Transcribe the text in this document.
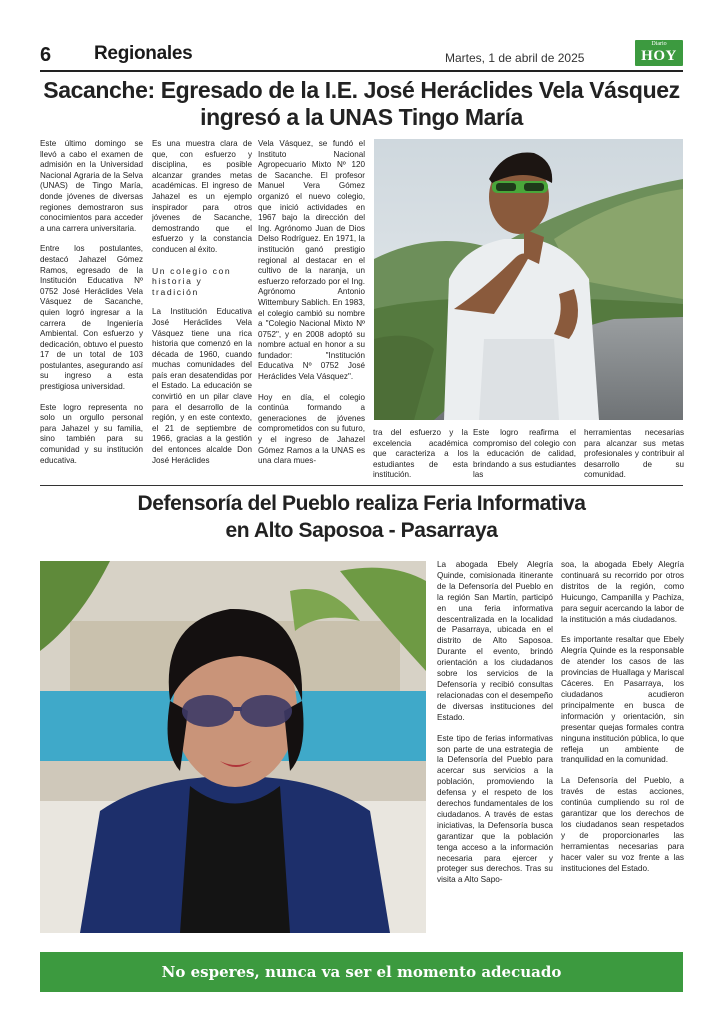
6 Regionales	Martes, 1 de abril de 2025
Diario
HOY
Sacanche: Egresado de la I.E. José Heráclides Vela Vásquez
ingresó a la UNAS Tingo María

Este último domingo se llevó a cabo el examen de admisión en la Universidad Nacional Agraria de la Selva (UNAS) de Tingo María, donde jóvenes de diversas regiones demostraron sus conocimientos para acceder a una carrera universitaria.

Entre los postulantes, destacó Jahazel Gómez Ramos, egresado de la Institución Educativa Nº 0752 José Heráclides Vela Vásquez de Sacanche, quien logró ingresar a la carrera de Ingeniería Ambiental. Con esfuerzo y dedicación, obtuvo el puesto 17 de un total de 103 postulantes, asegurando así su ingreso a esta prestigiosa universidad.

Este logro representa no solo un orgullo personal para Jahazel y su familia, sino también para su comunidad y su institución educativa.

Es una muestra clara de que, con esfuerzo y disciplina, es posible alcanzar grandes metas académicas. El ingreso de Jahazel es un ejemplo inspirador para otros jóvenes de Sacanche, demostrando que el esfuerzo y la constancia conducen al éxito.

Un colegio con historia y tradición

La Institución Educativa José Heráclides Vela Vásquez tiene una rica historia que comenzó en la década de 1960, cuando muchas comunidades del país eran desatendidas por el Estado. La educación se convirtió en un pilar clave para el desarrollo de la región, y en este contexto, el 21 de septiembre de 1966, gracias a la gestión del entonces alcalde Don José Heráclides

Vela Vásquez, se fundó el Instituto Nacional Agropecuario Mixto Nº 120 de Sacanche. El profesor Manuel Vera Gómez organizó el nuevo colegio, que inició actividades en 1967 bajo la dirección del Ing. Agrónomo Juan de Dios Delso Rodríguez. En 1971, la institución ganó prestigio regional al destacar en el cultivo de la naranja, un esfuerzo reforzado por el Ing. Agrónomo Antonio Wittembury Sablich. En 1983, el colegio cambió su nombre a "Colegio Nacional Mixto Nº 0752", y en 2008 adoptó su nombre actual en honor a su fundador: "Institución Educativa Nº 0752 José Heráclides Vela Vásquez".

Hoy en día, el colegio continúa formando a generaciones de jóvenes comprometidos con su futuro, y el ingreso de Jahazel Gómez Ramos a la UNAS es una clara mues-

tra del esfuerzo y la excelencia académica que caracteriza a los estudiantes de esta institución.

Este logro reafirma el compromiso del colegio con la educación de calidad, brindando a sus estudiantes las

herramientas necesarias para alcanzar sus metas profesionales y contribuir al desarrollo de su comunidad.

Defensoría del Pueblo realiza Feria Informativa
en Alto Saposoa - Pasarraya

La abogada Ebely Alegría Quinde, comisionada itinerante de la Defensoría del Pueblo en la región San Martín, participó en una feria informativa descentralizada en la localidad de Pasarraya, ubicada en el distrito de Alto Saposoa. Durante el evento, brindó orientación a los ciudadanos sobre los servicios de la Defensoría y recibió consultas relacionadas con el desempeño de diversas instituciones del Estado.

Este tipo de ferias informativas son parte de una estrategia de la Defensoría del Pueblo para acercar sus servicios a la población, promoviendo la defensa y el respeto de los derechos fundamentales de los ciudadanos. A través de estas iniciativas, la Defensoría busca garantizar que la población tenga acceso a la información necesaria para ejercer y proteger sus derechos. Tras su visita a Alto Sapo-

soa, la abogada Ebely Alegría continuará su recorrido por otros distritos de la región, como Huicungo, Campanilla y Pachiza, para seguir acercando la labor de la institución a más ciudadanos.

Es importante resaltar que Ebely Alegría Quinde es la responsable de atender los casos de las provincias de Huallaga y Mariscal Cáceres. En Pasarraya, los ciudadanos acudieron principalmente en busca de información y orientación, sin presentar quejas formales contra ninguna institución pública, lo que refleja un ambiente de tranquilidad en la comunidad.

La Defensoría del Pueblo, a través de estas acciones, continúa cumpliendo su rol de garantizar que los derechos de los ciudadanos sean respetados y de proporcionarles las herramientas necesarias para hacer valer su voz frente a las instituciones del Estado.

No esperes, nunca va ser el momento adecuado
